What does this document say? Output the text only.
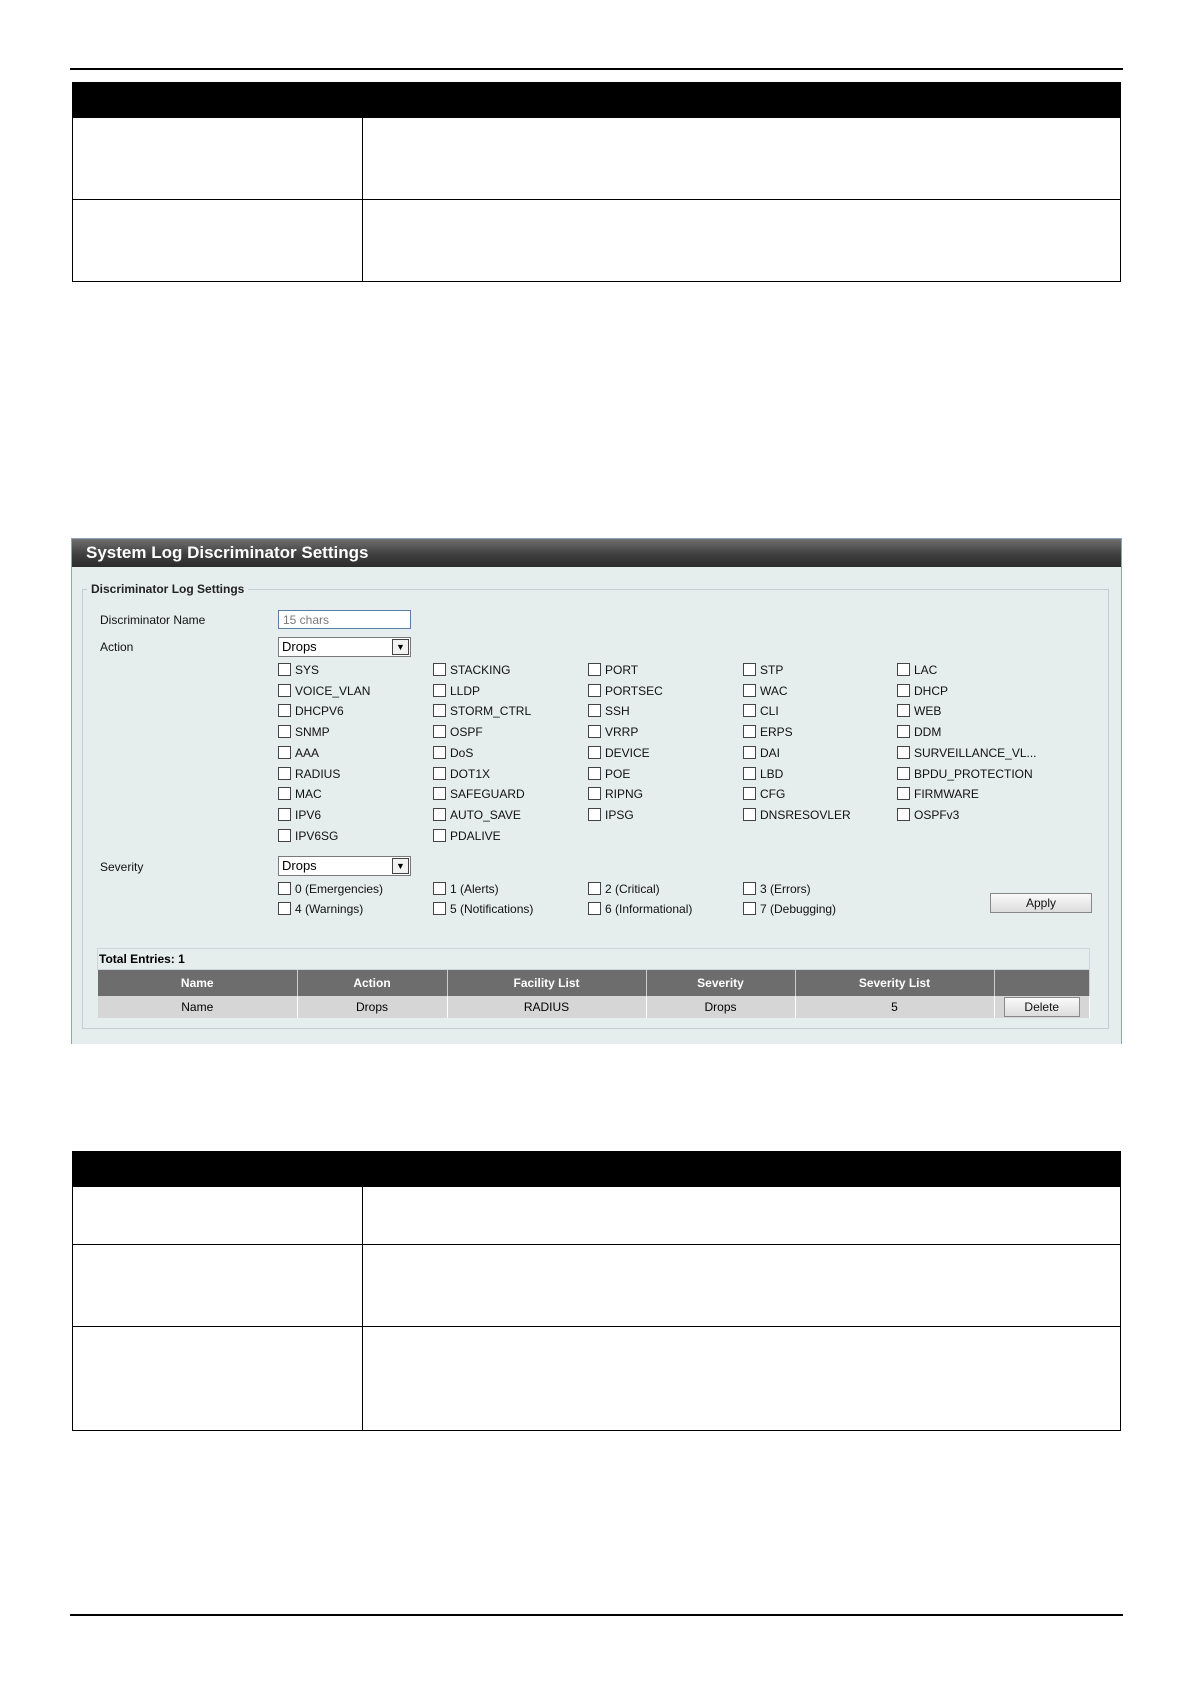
System Log Discriminator Settings
Discriminator Log Settings
Discriminator Name
15 chars
Action	Drops	▼
SYS	STACKING	PORT	STP	LAC
VOICE_VLAN	LLDP	PORTSEC	WAC	DHCP
DHCPV6	STORM_CTRL	SSH	CLI	WEB
SNMP	OSPF	VRRP	ERPS	DDM
AAA	DoS	DEVICE	DAI	SURVEILLANCE_VL...
RADIUS	DOT1X	POE	LBD	BPDU_PROTECTION
MAC	SAFEGUARD	RIPNG	CFG	FIRMWARE
IPV6	AUTO_SAVE	IPSG	DNSRESOVLER	OSPFv3
IPV6SG	PDALIVE
Severity	Drops	▼
0 (Emergencies)	1 (Alerts)	2 (Critical)	3 (Errors)
4 (Warnings)	5 (Notifications)	6 (Informational)	7 (Debugging)	Apply
Total Entries: 1
Name	Action	Facility List	Severity	Severity List	
Name	Drops	RADIUS	Drops	5	Delete
